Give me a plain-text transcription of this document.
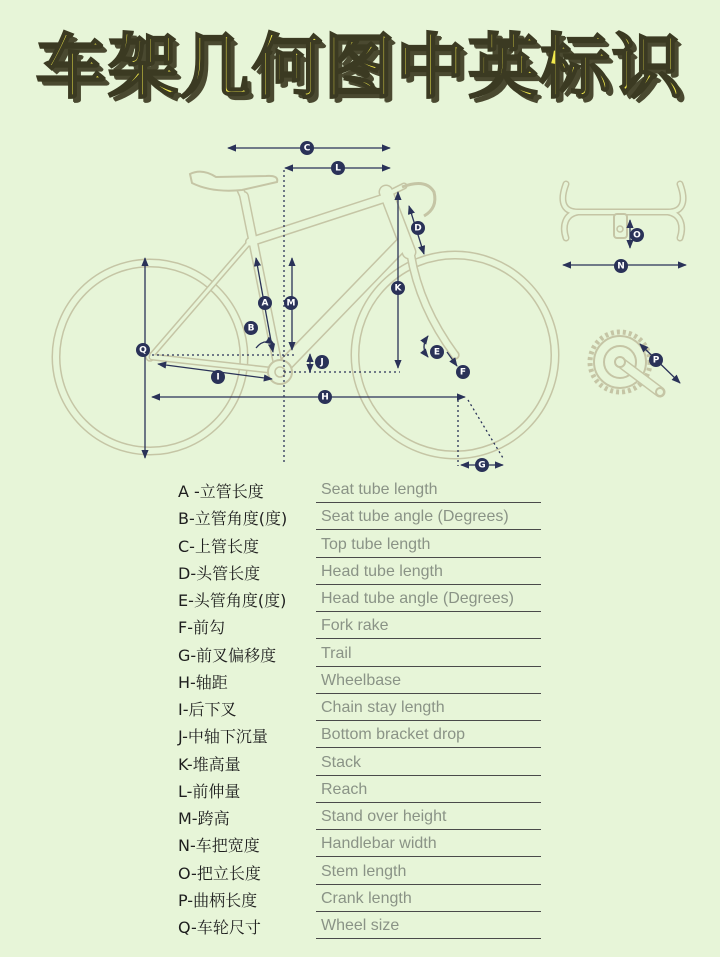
车架几何图中英标识
A
B
C
D
E
F
G
H
I
J
K
L
M
N
O
P
Q
A -立管长度	Seat tube length
B-立管角度(度)	Seat tube angle (Degrees)
C-上管长度	Top tube length
D-头管长度	Head tube length
E-头管角度(度)	Head tube angle (Degrees)
F-前勾	Fork rake
G-前叉偏移度	Trail
H-轴距	Wheelbase
I-后下叉	Chain stay length
J-中轴下沉量	Bottom bracket drop
K-堆高量	Stack
L-前伸量	Reach
M-跨高	Stand over height
N-车把宽度	Handlebar width
O-把立长度	Stem length
P-曲柄长度	Crank length
Q-车轮尺寸	Wheel size
